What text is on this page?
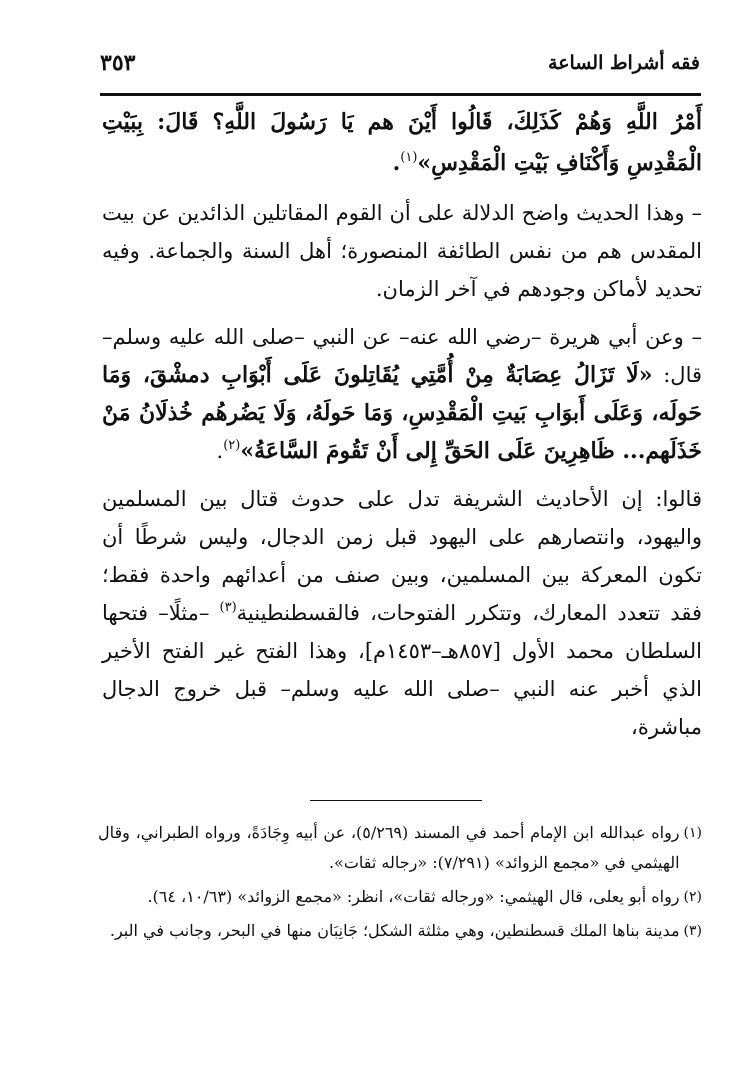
فقه أشراط الساعة
٣٥٣

أَمْرُ اللَّهِ وَهُمْ كَذَلِكَ، قَالُوا أَيْنَ هم يَا رَسُولَ اللَّهِ؟ قَالَ: بِبَيْتِ الْمَقْدِسِ وَأَكْنَافِ بَيْتِ الْمَقْدِسِ»$^{(١)}$.

– وهذا الحديث واضح الدلالة على أن القوم المقاتلين الذائدين عن بيت المقدس هم من نفس الطائفة المنصورة؛ أهل السنة والجماعة. وفيه تحديد لأماكن وجودهم في آخر الزمان.

– وعن أبي هريرة –رضي الله عنه– عن النبي –صلى الله عليه وسلم– قال: «لَا تَزَالُ عِصَابَةٌ مِنْ أُمَّتِي يُقَاتِلونَ عَلَى أَبْوَابِ دمشْقَ، وَمَا حَولَه، وَعَلَى أَبوَابِ بَيتِ الْمَقْدِسِ، وَمَا حَولَهُ، وَلَا يَضُرهُم خُذلَانُ مَنْ خَذَلَهم... ظَاهِرِينَ عَلَى الحَقِّ إِلى أَنْ تَقُومَ السَّاعَةُ»$^{(٢)}$.

قالوا: إن الأحاديث الشريفة تدل على حدوث قتال بين المسلمين واليهود، وانتصارهم على اليهود قبل زمن الدجال، وليس شرطًا أن تكون المعركة بين المسلمين، وبين صنف من أعدائهم واحدة فقط؛ فقد تتعدد المعارك، وتتكرر الفتوحات، فالقسطنطينية$^{(٣)}$ –مثلًا– فتحها السلطان محمد الأول [٨٥٧هـ–١٤٥٣م]، وهذا الفتح غير الفتح الأخير الذي أخبر عنه النبي –صلى الله عليه وسلم– قبل خروج الدجال مباشرة،

(١)
رواه عبدالله ابن الإمام أحمد في المسند (٥/٢٦٩)، عن أبيه وِجَادَةً، ورواه الطبراني، وقال الهيثمي في «مجمع الزوائد» (٧/٢٩١): «رجاله ثقات».
(٢)
رواه أبو يعلى، قال الهيثمي: «ورجاله ثقات»، انظر: «مجمع الزوائد» (١٠/٦٣، ٦٤).
(٣)
مدينة بناها الملك قسطنطين، وهي مثلثة الشكل؛ جَانِبَان منها في البحر، وجانب في البر.
